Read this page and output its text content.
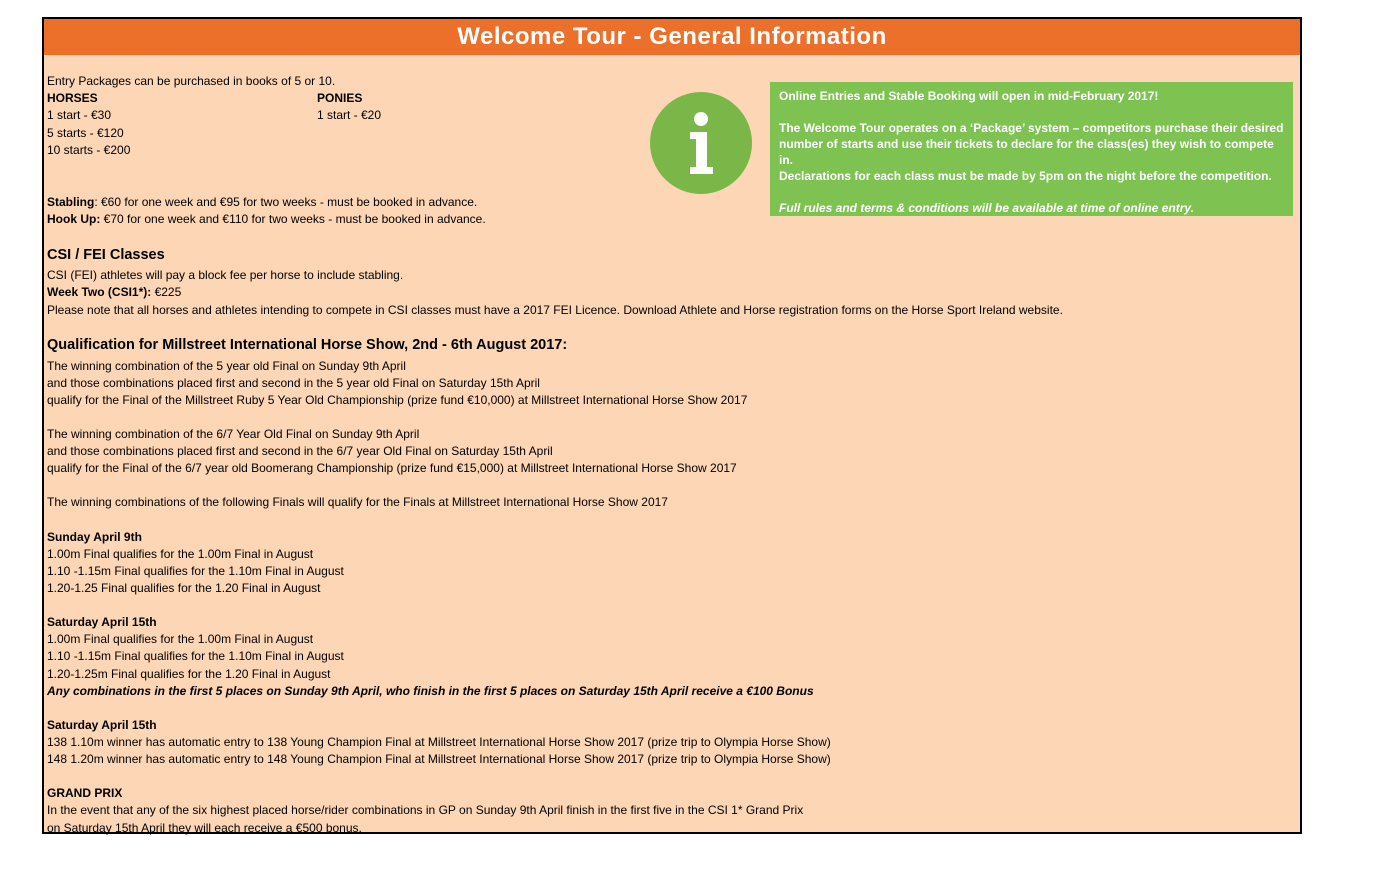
Welcome Tour - General Information
Entry Packages can be purchased in books of 5 or 10.
HORSES	PONIES
1 start - €30	1 start - €20
5 starts - €120
10 starts - €200
Stabling: €60 for one week and €95 for two weeks - must be booked in advance.
Hook Up: €70 for one week and €110 for two weeks - must be booked in advance.
CSI / FEI Classes
CSI (FEI) athletes will pay a block fee per horse to include stabling.
Week Two (CSI1*): €225
Please note that all horses and athletes intending to compete in CSI classes must have a 2017 FEI Licence. Download Athlete and Horse registration forms on the Horse Sport Ireland website.
Qualification for Millstreet International Horse Show, 2nd - 6th August 2017:
The winning combination of the 5 year old Final on Sunday 9th April
and those combinations placed first and second in the 5 year old Final on Saturday 15th April
qualify for the Final of the Millstreet Ruby 5 Year Old Championship (prize fund €10,000) at Millstreet International Horse Show 2017
The winning combination of the 6/7 Year Old Final on Sunday 9th April
and those combinations placed first and second in the 6/7 year Old Final on Saturday 15th April
qualify for the Final of the 6/7 year old Boomerang Championship (prize fund €15,000) at Millstreet International Horse Show 2017
The winning combinations of the following Finals will qualify for the Finals at Millstreet International Horse Show 2017
Sunday April 9th
1.00m Final qualifies for the 1.00m Final in August
1.10 -1.15m Final qualifies for the 1.10m Final in August
1.20-1.25 Final qualifies for the 1.20 Final in August
Saturday April 15th
1.00m Final qualifies for the 1.00m Final in August
1.10 -1.15m Final qualifies for the 1.10m Final in August
1.20-1.25m Final qualifies for the 1.20 Final in August
Any combinations in the first 5 places on Sunday 9th April, who finish in the first 5 places on Saturday 15th April receive a €100 Bonus
Saturday April 15th
138 1.10m winner has automatic entry to 138 Young Champion Final at Millstreet International Horse Show 2017 (prize trip to Olympia Horse Show)
148 1.20m winner has automatic entry to 148 Young Champion Final at Millstreet International Horse Show 2017 (prize trip to Olympia Horse Show)
GRAND PRIX
In the event that any of the six highest placed horse/rider combinations in GP on Sunday 9th April finish in the first five in the CSI 1* Grand Prix
on Saturday 15th April they will each receive a €500 bonus.

Online Entries and Stable Booking will open in mid-February 2017!

The Welcome Tour operates on a ‘Package’ system – competitors purchase their desired

number of starts and use their tickets to declare for the class(es) they wish to compete in.

Declarations for each class must be made by 5pm on the night before the competition.

Full rules and terms & conditions will be available at time of online entry.
